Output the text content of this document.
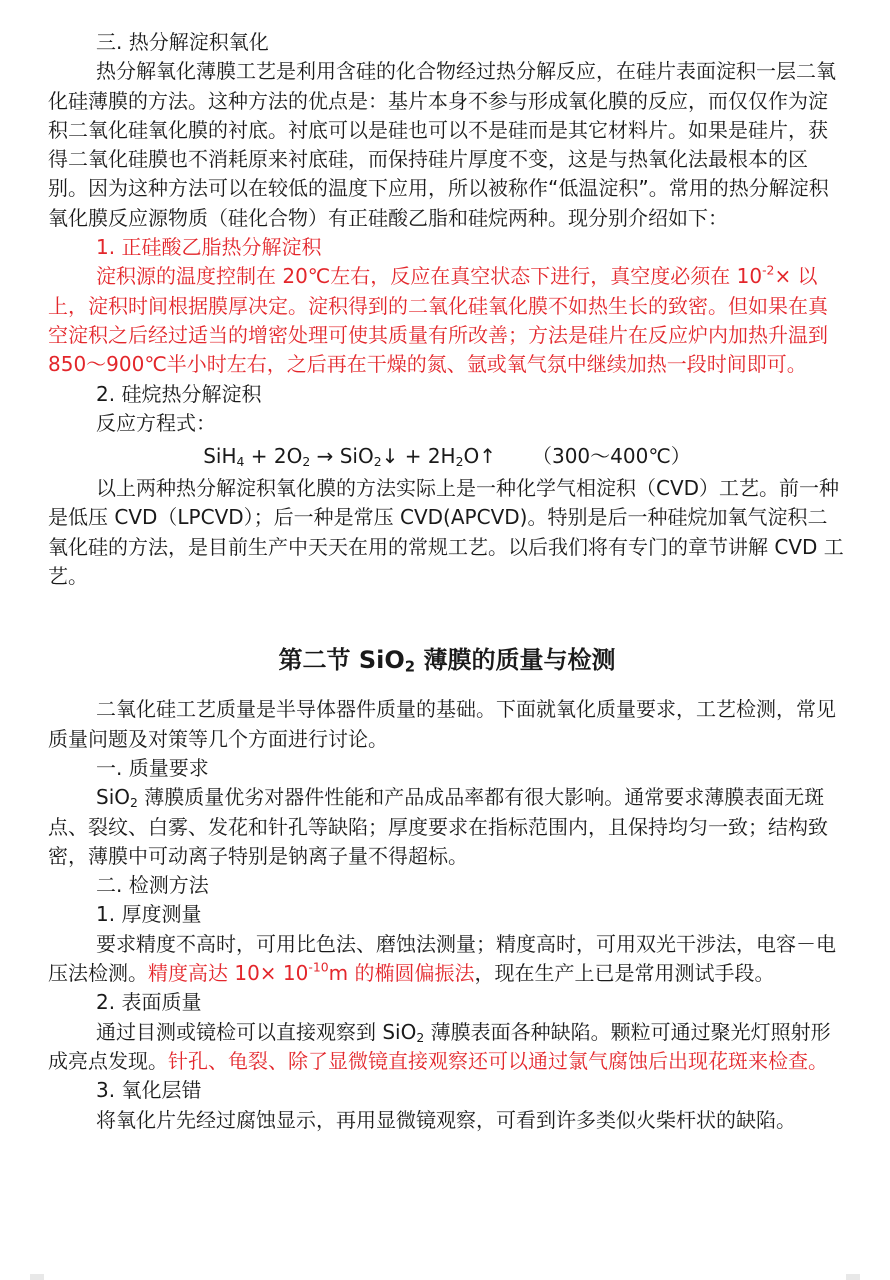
三. 热分解淀积氧化

热分解氧化薄膜工艺是利用含硅的化合物经过热分解反应，在硅片表面淀积一层二氧化硅薄膜的方法。这种方法的优点是：基片本身不参与形成氧化膜的反应，而仅仅作为淀积二氧化硅氧化膜的衬底。衬底可以是硅也可以不是硅而是其它材料片。如果是硅片，获得二氧化硅膜也不消耗原来衬底硅，而保持硅片厚度不变，这是与热氧化法最根本的区别。因为这种方法可以在较低的温度下应用，所以被称作“低温淀积”。常用的热分解淀积氧化膜反应源物质（硅化合物）有正硅酸乙脂和硅烷两种。现分别介绍如下：

1. 正硅酸乙脂热分解淀积

淀积源的温度控制在 20℃左右，反应在真空状态下进行，真空度必须在 $10^{-2}\times$ 以上，淀积时间根据膜厚决定。淀积得到的二氧化硅氧化膜不如热生长的致密。但如果在真空淀积之后经过适当的增密处理可使其质量有所改善；方法是硅片在反应炉内加热升温到 850～900℃半小时左右，之后再在干燥的氮、氩或氧气氛中继续加热一段时间即可。

2. 硅烷热分解淀积

反应方程式：

$SiH_4 + 2O_2$ → SiO$_2$↓ + $2H_2O↑$ （300～400℃）

以上两种热分解淀积氧化膜的方法实际上是一种化学气相淀积（CVD）工艺。前一种是低压 CVD（LPCVD）；后一种是常压 CVD(APCVD)。特别是后一种硅烷加氧气淀积二氧化硅的方法，是目前生产中天天在用的常规工艺。以后我们将有专门的章节讲解 CVD 工艺。

第二节 SiO$_2$ 薄膜的质量与检测

二氧化硅工艺质量是半导体器件质量的基础。下面就氧化质量要求，工艺检测，常见质量问题及对策等几个方面进行讨论。

一. 质量要求

SiO$_2$ 薄膜质量优劣对器件性能和产品成品率都有很大影响。通常要求薄膜表面无斑点、裂纹、白雾、发花和针孔等缺陷；厚度要求在指标范围内，且保持均匀一致；结构致密，薄膜中可动离子特别是钠离子量不得超标。

二. 检测方法

1. 厚度测量

要求精度不高时，可用比色法、磨蚀法测量；精度高时，可用双光干涉法，电容－电压法检测。精度高达 $10\times 10^{-10}m$ 的椭圆偏振法，现在生产上已是常用测试手段。

2. 表面质量

通过目测或镜检可以直接观察到 SiO$_2$ 薄膜表面各种缺陷。颗粒可通过聚光灯照射形成亮点发现。针孔、龟裂、除了显微镜直接观察还可以通过氯气腐蚀后出现花斑来检查。

3. 氧化层错

将氧化片先经过腐蚀显示，再用显微镜观察，可看到许多类似火柴杆状的缺陷。
